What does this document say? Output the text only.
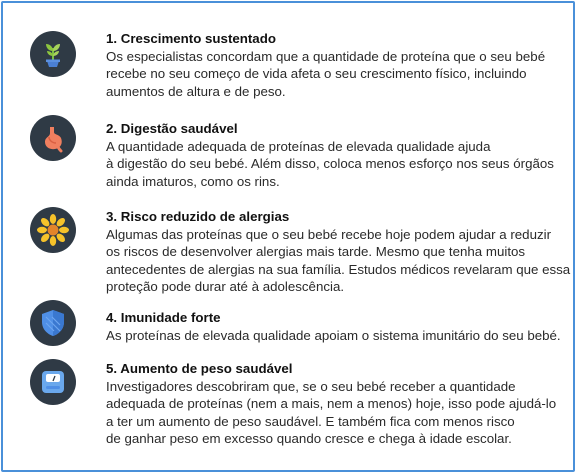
1. Crescimento sustentado
Os especialistas concordam que a quantidade de proteína que o seu bebé
recebe no seu começo de vida afeta o seu crescimento físico, incluindo
aumentos de altura e de peso.
2. Digestão saudável
A quantidade adequada de proteínas de elevada qualidade ajuda
à digestão do seu bebé. Além disso, coloca menos esforço nos seus órgãos
ainda imaturos, como os rins.
3. Risco reduzido de alergias
Algumas das proteínas que o seu bebé recebe hoje podem ajudar a reduzir
os riscos de desenvolver alergias mais tarde. Mesmo que tenha muitos
antecedentes de alergias na sua família. Estudos médicos revelaram que essa
proteção pode durar até à adolescência.
4. Imunidade forte
As proteínas de elevada qualidade apoiam o sistema imunitário do seu bebé.
5. Aumento de peso saudável
Investigadores descobriram que, se o seu bebé receber a quantidade
adequada de proteínas (nem a mais, nem a menos) hoje, isso pode ajudá-lo
a ter um aumento de peso saudável. E também fica com menos risco
de ganhar peso em excesso quando cresce e chega à idade escolar.
